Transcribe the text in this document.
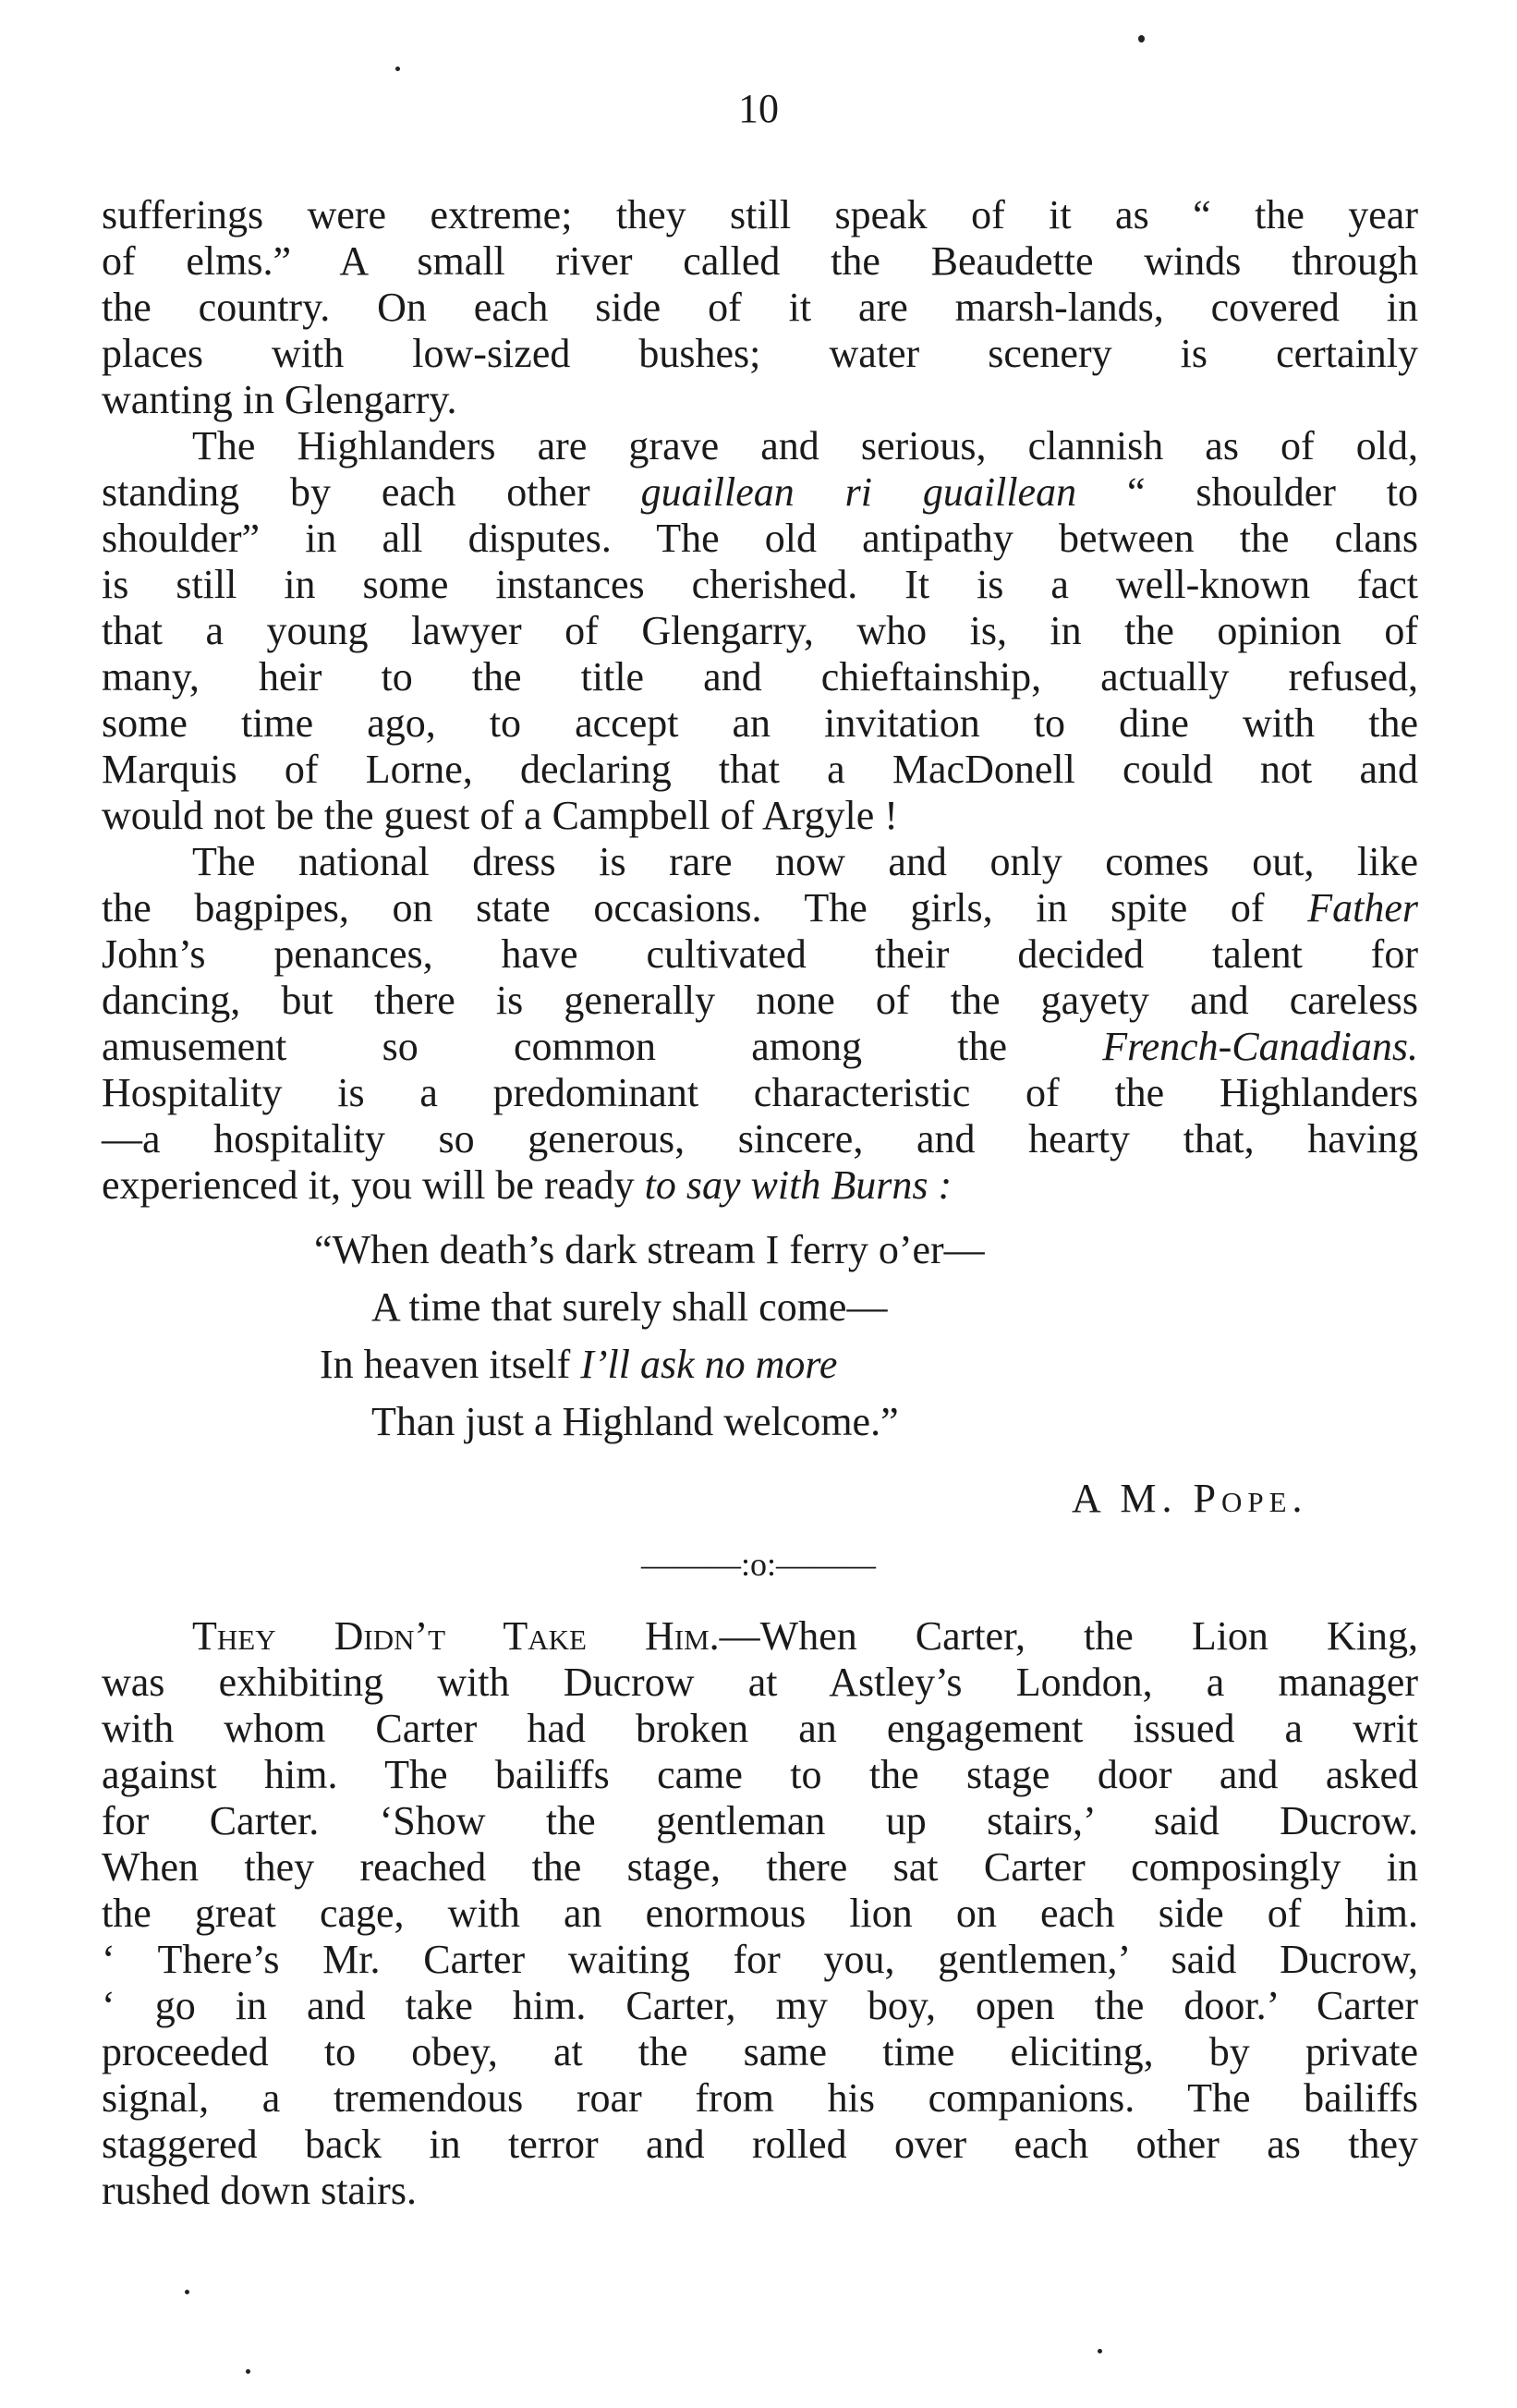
10
sufferings were extreme; they still speak of it as “ the year
of elms.” A small river called the Beaudette winds through
the country. On each side of it are marsh-lands, covered in
places with low-sized bushes; water scenery is certainly
wanting in Glengarry.
The Highlanders are grave and serious, clannish as of old,
standing by each other guaillean ri guaillean “ shoulder to
shoulder” in all disputes. The old antipathy between the clans
is still in some instances cherished. It is a well-known fact
that a young lawyer of Glengarry, who is, in the opinion of
many, heir to the title and chieftainship, actually refused,
some time ago, to accept an invitation to dine with the
Marquis of Lorne, declaring that a MacDonell could not and
would not be the guest of a Campbell of Argyle !
The national dress is rare now and only comes out, like
the bagpipes, on state occasions. The girls, in spite of Father
John’s penances, have cultivated their decided talent for
dancing, but there is generally none of the gayety and careless
amusement so common among the French-Canadians.
Hospitality is a predominant characteristic of the Highlanders
—a hospitality so generous, sincere, and hearty that, having
experienced it, you will be ready to say with Burns :
“When death’s dark stream I ferry o’er—
A time that surely shall come—
In heaven itself I’ll ask no more
Than just a Highland welcome.”
A M. Pope.
———:o:———
They Didn’t Take Him.—When Carter, the Lion King,
was exhibiting with Ducrow at Astley’s London, a manager
with whom Carter had broken an engagement issued a writ
against him. The bailiffs came to the stage door and asked
for Carter. ‘Show the gentleman up stairs,’ said Ducrow.
When they reached the stage, there sat Carter composingly in
the great cage, with an enormous lion on each side of him.
‘ There’s Mr. Carter waiting for you, gentlemen,’ said Ducrow,
‘ go in and take him. Carter, my boy, open the door.’ Carter
proceeded to obey, at the same time eliciting, by private
signal, a tremendous roar from his companions. The bailiffs
staggered back in terror and rolled over each other as they
rushed down stairs.
